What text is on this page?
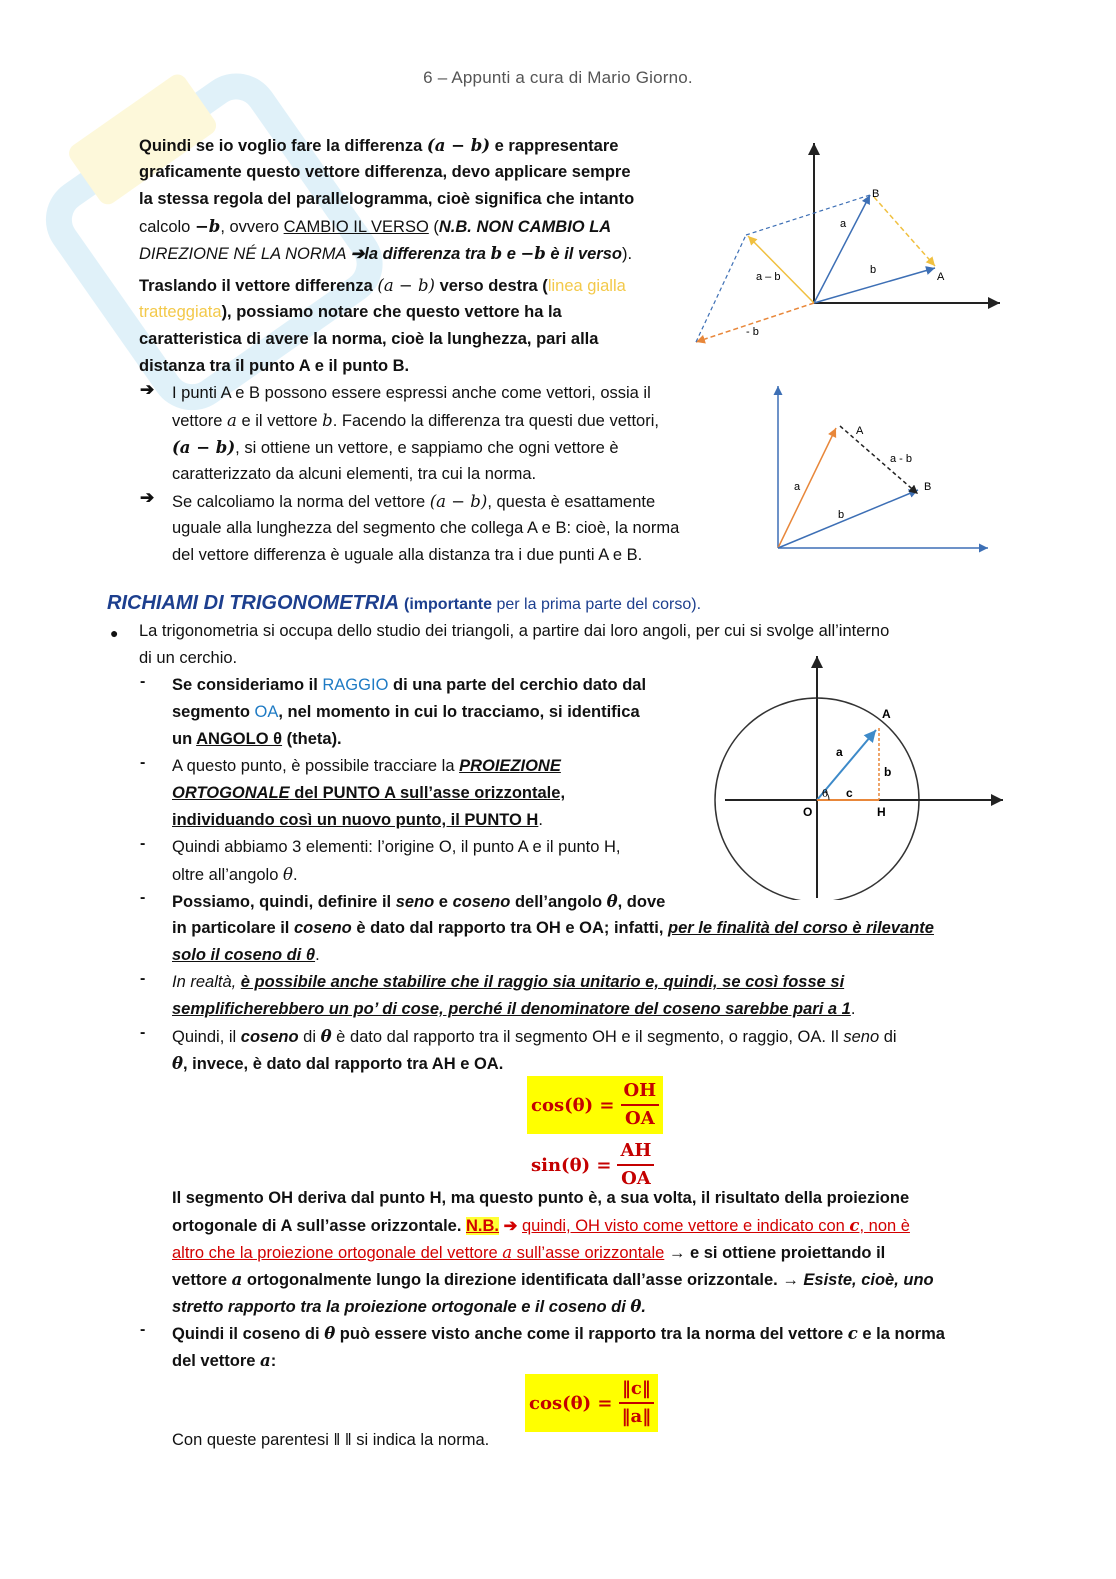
6 – Appunti a cura di Mario Giorno.
Quindi se io voglio fare la differenza (a − b) e rappresentare
graficamente questo vettore differenza, devo applicare sempre
la stessa regola del parallelogramma, cioè significa che intanto
calcolo −b, ovvero CAMBIO IL VERSO (N.B. NON CAMBIO LA
DIREZIONE NÉ LA NORMA ➔la differenza tra b e −b è il verso).
Traslando il vettore differenza (a − b) verso destra (linea gialla
tratteggiata), possiamo notare che questo vettore ha la
caratteristica di avere la norma, cioè la lunghezza, pari alla
distanza tra il punto A e il punto B.
➔ I punti A e B possono essere espressi anche come vettori, ossia il
vettore a e il vettore b. Facendo la differenza tra questi due vettori,
(a − b), si ottiene un vettore, e sappiamo che ogni vettore è
caratterizzato da alcuni elementi, tra cui la norma.
➔ Se calcoliamo la norma del vettore (a − b), questa è esattamente
uguale alla lunghezza del segmento che collega A e B: cioè, la norma
del vettore differenza è uguale alla distanza tra i due punti A e B.
B
A
a
b
a – b
- b
A
B
a
b
a - b
RICHIAMI DI TRIGONOMETRIA (importante per la prima parte del corso).
● La trigonometria si occupa dello studio dei triangoli, a partire dai loro angoli, per cui si svolge all’interno
di un cerchio.
- Se consideriamo il RAGGIO di una parte del cerchio dato dal
segmento OA, nel momento in cui lo tracciamo, si identifica
un ANGOLO θ (theta).
- A questo punto, è possibile tracciare la PROIEZIONE
ORTOGONALE del PUNTO A sull’asse orizzontale,
individuando così un nuovo punto, il PUNTO H.
- Quindi abbiamo 3 elementi: l’origine O, il punto A e il punto H,
oltre all’angolo θ.
- Possiamo, quindi, definire il seno e coseno dell’angolo θ, dove
in particolare il coseno è dato dal rapporto tra OH e OA; infatti, per le finalità del corso è rilevante
solo il coseno di θ.
- In realtà, è possibile anche stabilire che il raggio sia unitario e, quindi, se così fosse si
semplificherebbero un po’ di cose, perché il denominatore del coseno sarebbe pari a 1.
- Quindi, il coseno di θ è dato dal rapporto tra il segmento OH e il segmento, o raggio, OA. Il seno di
θ, invece, è dato dal rapporto tra AH e OA.
A
a
b
c
θ
O	H
$\cos(\theta) = \frac{OH}{OA}$
$\sin(\theta) = \frac{AH}{OA}$
Il segmento OH deriva dal punto H, ma questo punto è, a sua volta, il risultato della proiezione
ortogonale di A sull’asse orizzontale. N.B. ➔ quindi, OH visto come vettore e indicato con c, non è
altro che la proiezione ortogonale del vettore a sull’asse orizzontale → e si ottiene proiettando il
vettore a ortogonalmente lungo la direzione identificata dall’asse orizzontale. → Esiste, cioè, uno
stretto rapporto tra la proiezione ortogonale e il coseno di θ.
- Quindi il coseno di θ può essere visto anche come il rapporto tra la norma del vettore c e la norma
del vettore a:
$\cos(\theta) = \frac{‖c‖}{‖a‖}$
Con queste parentesi ‖ ‖ si indica la norma.
